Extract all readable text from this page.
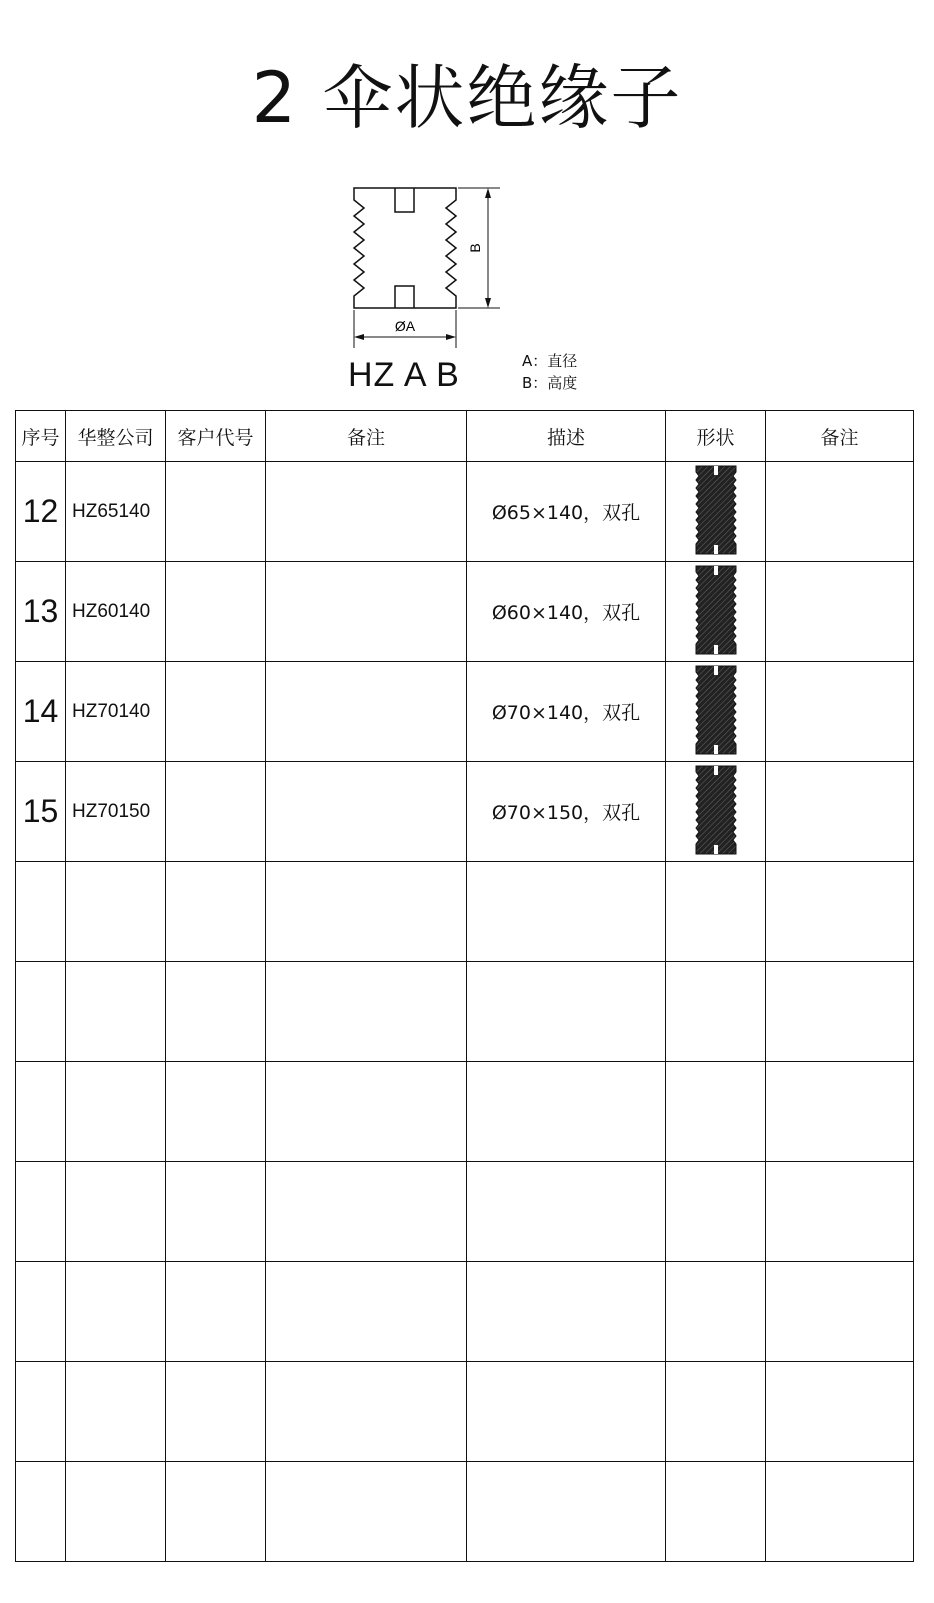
2 伞状绝缘子
B
ØA
HZ A B	A：直径
B：高度
序号	华整公司	客户代号	备注	描述	形状	备注
12	HZ65140			Ø65×140，双孔		
13	HZ60140			Ø60×140，双孔		
14	HZ70140			Ø70×140，双孔		
15	HZ70150			Ø70×150，双孔		
